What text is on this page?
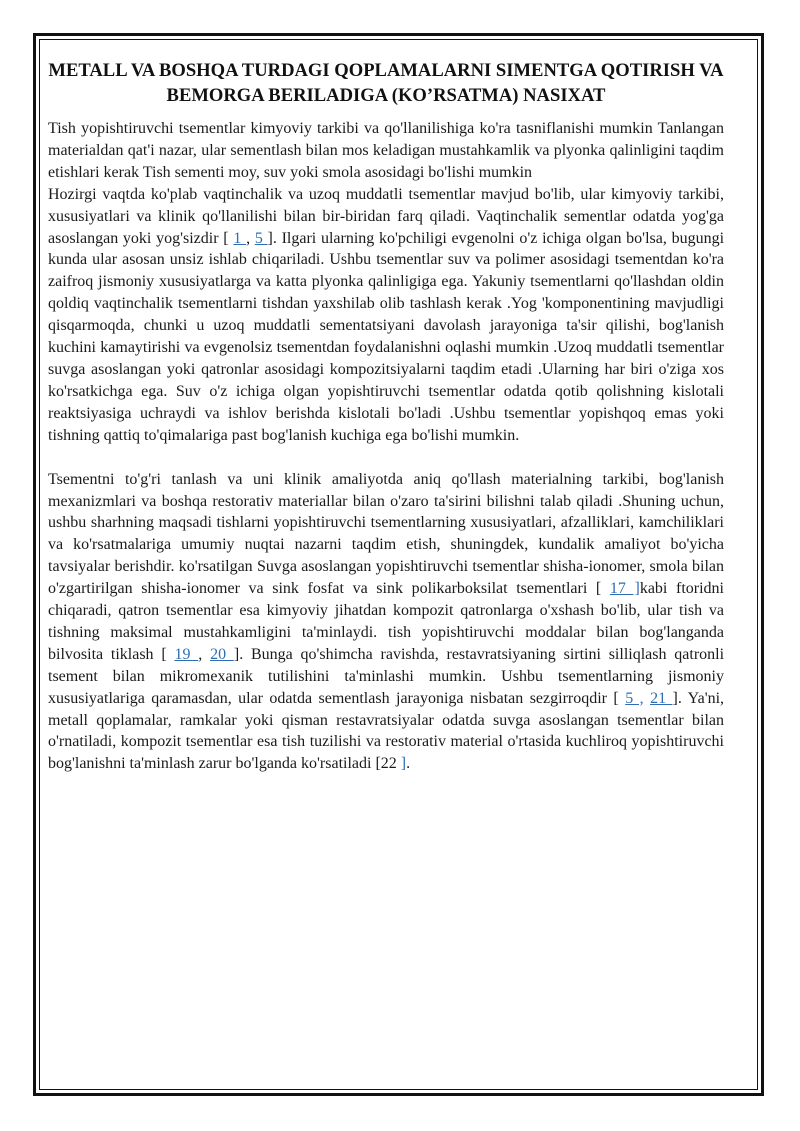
METALL VA BOSHQA TURDAGI QOPLAMALARNI SIMENTGA QOTIRISH VA BEMORGA BERILADIGA (KO’RSATMA) NASIXAT

Tish yopishtiruvchi tsementlar kimyoviy tarkibi va qo'llanilishiga ko'ra tasniflanishi mumkin Tanlangan materialdan qat'i nazar, ular sementlash bilan mos keladigan mustahkamlik va plyonka qalinligini taqdim etishlari kerak Tish sementi moy, suv yoki smola asosidagi bo'lishi mumkin

Hozirgi vaqtda ko'plab vaqtinchalik va uzoq muddatli tsementlar mavjud bo'lib, ular kimyoviy tarkibi, xususiyatlari va klinik qo'llanilishi bilan bir-biridan farq qiladi. Vaqtinchalik sementlar odatda yog'ga asoslangan yoki yog'sizdir [ 1 , 5 ]. Ilgari ularning ko'pchiligi evgenolni o'z ichiga olgan bo'lsa, bugungi kunda ular asosan unsiz ishlab chiqariladi. Ushbu tsementlar suv va polimer asosidagi tsementdan ko'ra zaifroq jismoniy xususiyatlarga va katta plyonka qalinligiga ega. Yakuniy tsementlarni qo'llashdan oldin qoldiq vaqtinchalik tsementlarni tishdan yaxshilab olib tashlash kerak .Yog 'komponentining mavjudligi qisqarmoqda, chunki u uzoq muddatli sementatsiyani davolash jarayoniga ta'sir qilishi, bog'lanish kuchini kamaytirishi va evgenolsiz tsementdan foydalanishni oqlashi mumkin .Uzoq muddatli tsementlar suvga asoslangan yoki qatronlar asosidagi kompozitsiyalarni taqdim etadi .Ularning har biri o'ziga xos ko'rsatkichga ega. Suv o'z ichiga olgan yopishtiruvchi tsementlar odatda qotib qolishning kislotali reaktsiyasiga uchraydi va ishlov berishda kislotali bo'ladi .Ushbu tsementlar yopishqoq emas yoki tishning qattiq to'qimalariga past bog'lanish kuchiga ega bo'lishi mumkin.

Tsementni to'g'ri tanlash va uni klinik amaliyotda aniq qo'llash materialning tarkibi, bog'lanish mexanizmlari va boshqa restorativ materiallar bilan o'zaro ta'sirini bilishni talab qiladi .Shuning uchun, ushbu sharhning maqsadi tishlarni yopishtiruvchi tsementlarning xususiyatlari, afzalliklari, kamchiliklari va ko'rsatmalariga umumiy nuqtai nazarni taqdim etish, shuningdek, kundalik amaliyot bo'yicha tavsiyalar berishdir. ko'rsatilgan Suvga asoslangan yopishtiruvchi tsementlar shisha-ionomer, smola bilan o'zgartirilgan shisha-ionomer va sink fosfat va sink polikarboksilat tsementlari [ 17 ]kabi ftoridni chiqaradi, qatron tsementlar esa kimyoviy jihatdan kompozit qatronlarga o'xshash bo'lib, ular tish va tishning maksimal mustahkamligini ta'minlaydi. tish yopishtiruvchi moddalar bilan bog'langanda bilvosita tiklash [ 19 , 20 ]. Bunga qo'shimcha ravishda, restavratsiyaning sirtini silliqlash qatronli tsement bilan mikromexanik tutilishini ta'minlashi mumkin. Ushbu tsementlarning jismoniy xususiyatlariga qaramasdan, ular odatda sementlash jarayoniga nisbatan sezgirroqdir [ 5 , 21 ]. Ya'ni, metall qoplamalar, ramkalar yoki qisman restavratsiyalar odatda suvga asoslangan tsementlar bilan o'rnatiladi, kompozit tsementlar esa tish tuzilishi va restorativ material o'rtasida kuchliroq yopishtiruvchi bog'lanishni ta'minlash zarur bo'lganda ko'rsatiladi [22 ].
